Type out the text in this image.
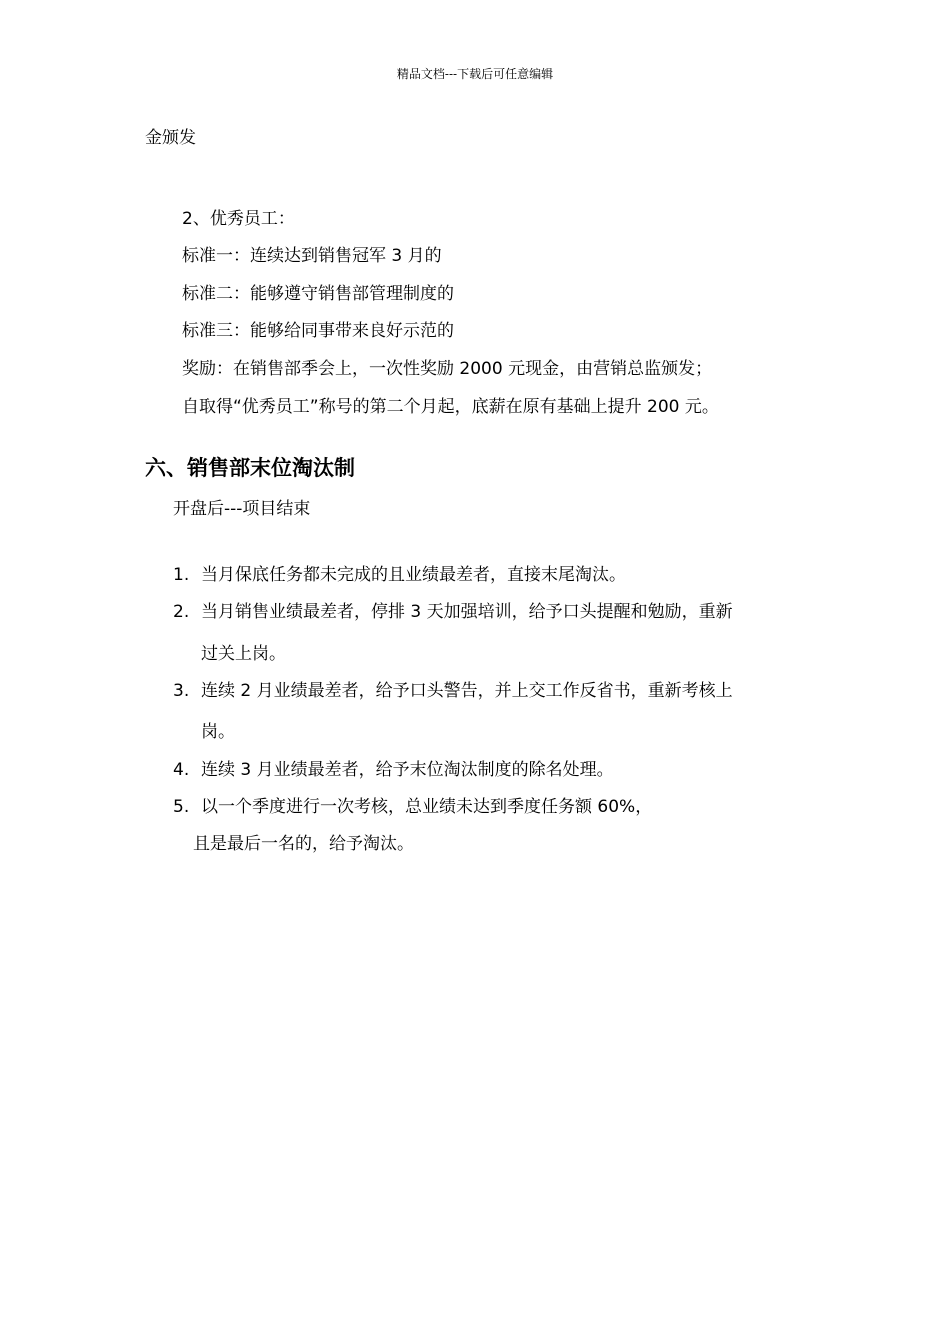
精品文档---下载后可任意编辑
金颁发
2、优秀员工：
标准一：连续达到销售冠军 3 月的
标准二：能够遵守销售部管理制度的
标准三：能够给同事带来良好示范的
奖励：在销售部季会上，一次性奖励 2000 元现金，由营销总监颁发；
自取得“优秀员工”称号的第二个月起，底薪在原有基础上提升 200 元。
六、销售部末位淘汰制
开盘后---项目结束
1. 当月保底任务都未完成的且业绩最差者，直接末尾淘汰。
2. 当月销售业绩最差者，停排 3 天加强培训，给予口头提醒和勉励，重新
过关上岗。
3. 连续 2 月业绩最差者，给予口头警告，并上交工作反省书，重新考核上
岗。
4. 连续 3 月业绩最差者，给予末位淘汰制度的除名处理。
5. 以一个季度进行一次考核，总业绩未达到季度任务额 60%，
且是最后一名的，给予淘汰。
